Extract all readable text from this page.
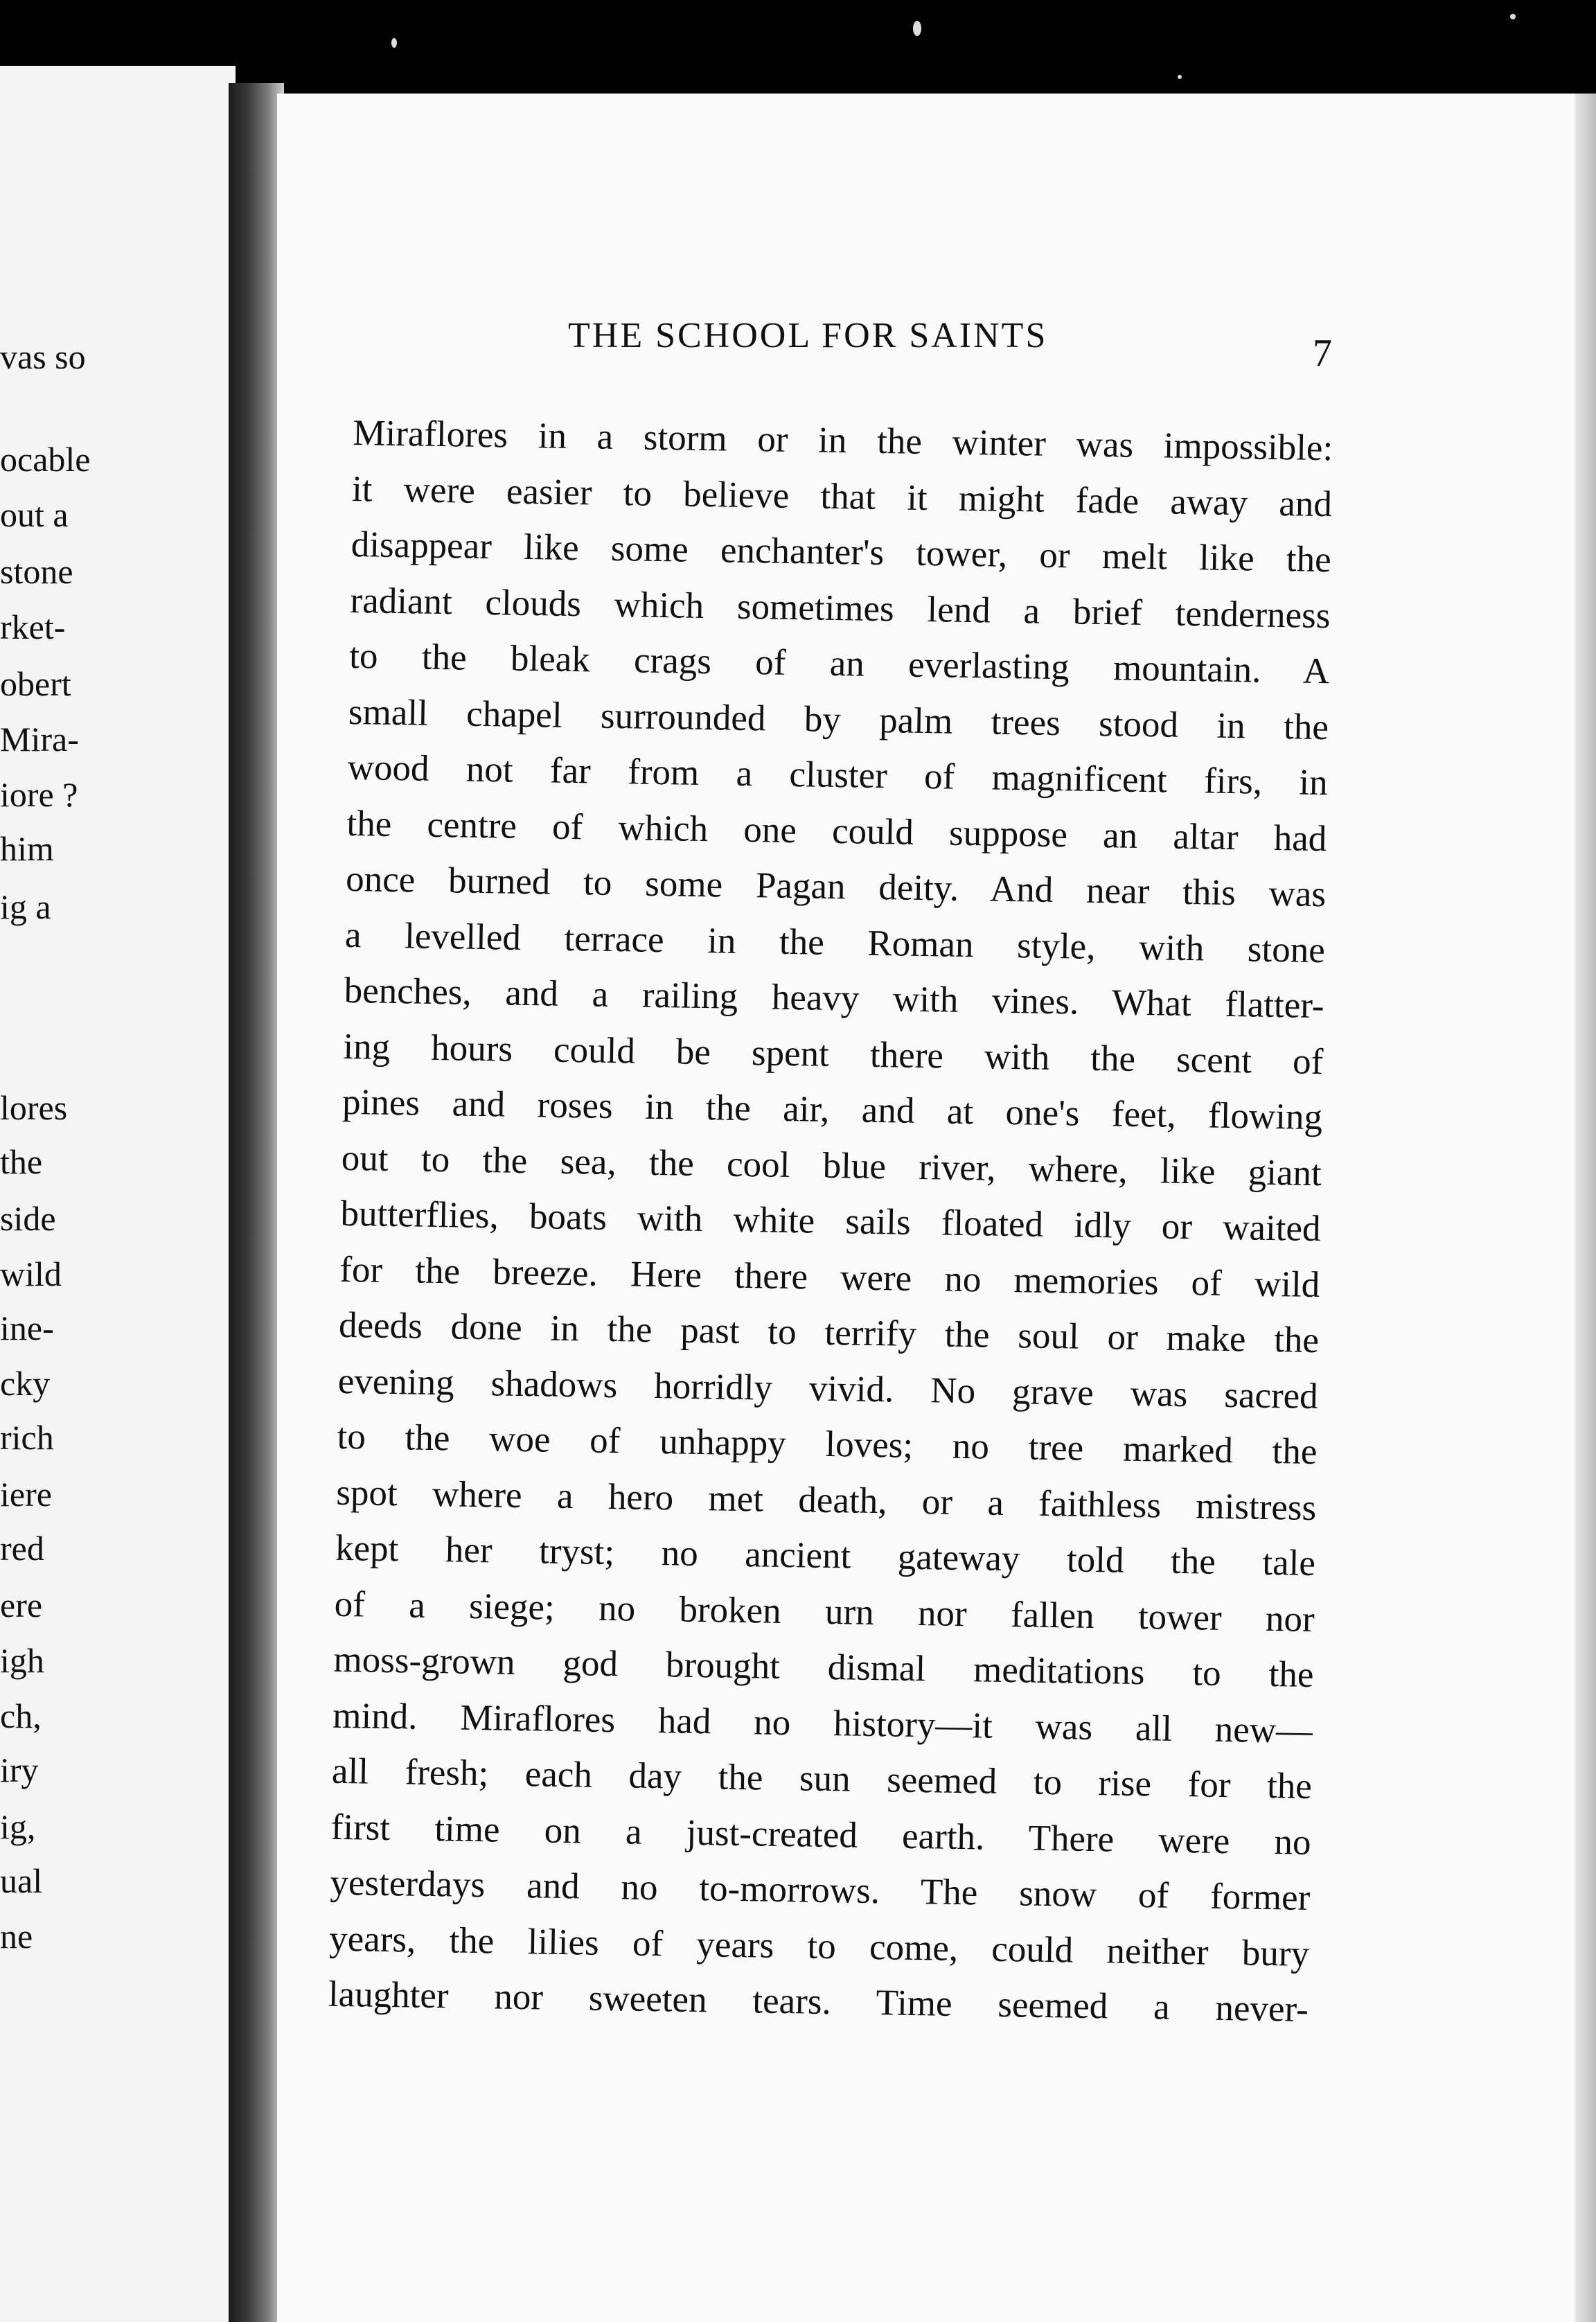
vas so
ocable
out a
stone
rket-
obert
Mira-
iore ?
him
ig a
lores
the
side
wild
ine-
cky
rich
iere
red
ere
igh
ch,
iry
ig,
ual
ne
THE SCHOOL FOR SAINTS	7
Miraflores in a storm or in the winter was impossible:
it were easier to believe that it might fade away and
disappear like some enchanter's tower, or melt like the
radiant clouds which sometimes lend a brief tenderness
to the bleak crags of an everlasting mountain. A
small chapel surrounded by palm trees stood in the
wood not far from a cluster of magnificent firs, in
the centre of which one could suppose an altar had
once burned to some Pagan deity. And near this was
a levelled terrace in the Roman style, with stone
benches, and a railing heavy with vines. What flatter-
ing hours could be spent there with the scent of
pines and roses in the air, and at one's feet, flowing
out to the sea, the cool blue river, where, like giant
butterflies, boats with white sails floated idly or waited
for the breeze. Here there were no memories of wild
deeds done in the past to terrify the soul or make the
evening shadows horridly vivid. No grave was sacred
to the woe of unhappy loves; no tree marked the
spot where a hero met death, or a faithless mistress
kept her tryst; no ancient gateway told the tale
of a siege; no broken urn nor fallen tower nor
moss-grown god brought dismal meditations to the
mind. Miraflores had no history—it was all new—
all fresh; each day the sun seemed to rise for the
first time on a just-created earth. There were no
yesterdays and no to-morrows. The snow of former
years, the lilies of years to come, could neither bury
laughter nor sweeten tears. Time seemed a never-
